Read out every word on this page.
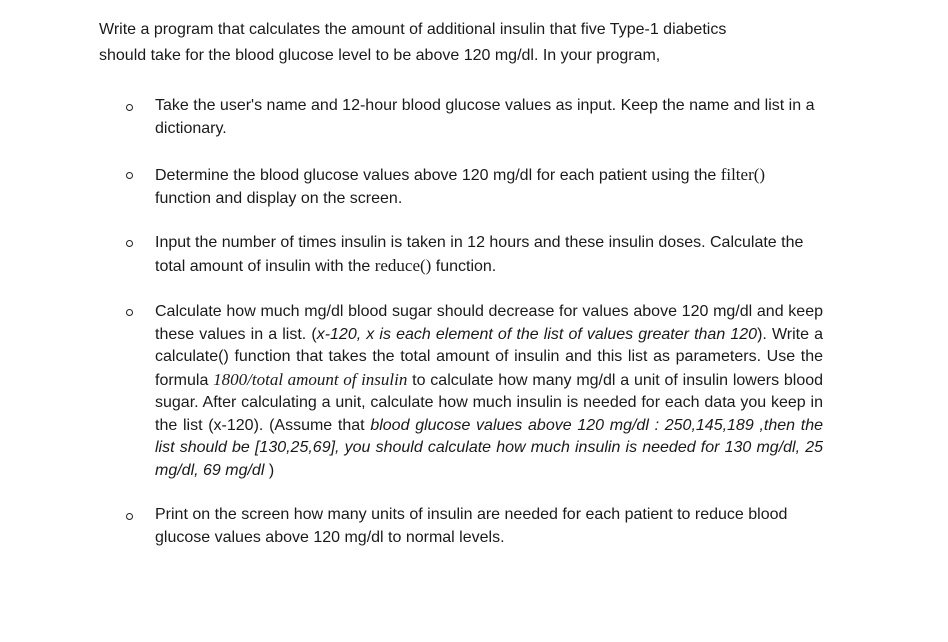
Write a program that calculates the amount of additional insulin that five Type-1 diabetics
should take for the blood glucose level to be above 120 mg/dl. In your program,

Take the user's name and 12-hour blood glucose values as input. Keep the name and list in a dictionary.

Determine the blood glucose values above 120 mg/dl for each patient using the filter() function and display on the screen.

Input the number of times insulin is taken in 12 hours and these insulin doses. Calculate the total amount of insulin with the reduce() function.

Calculate how much mg/dl blood sugar should decrease for values above 120 mg/dl and keep these values in a list. (x-120, x is each element of the list of values greater than 120). Write a calculate() function that takes the total amount of insulin and this list as parameters. Use the formula 1800/total amount of insulin to calculate how many mg/dl a unit of insulin lowers blood sugar. After calculating a unit, calculate how much insulin is needed for each data you keep in the list (x-120). (Assume that blood glucose values above 120 mg/dl : 250,145,189 ,then the list should be [130,25,69], you should calculate how much insulin is needed for 130 mg/dl, 25 mg/dl, 69 mg/dl )

Print on the screen how many units of insulin are needed for each patient to reduce blood glucose values above 120 mg/dl to normal levels.
